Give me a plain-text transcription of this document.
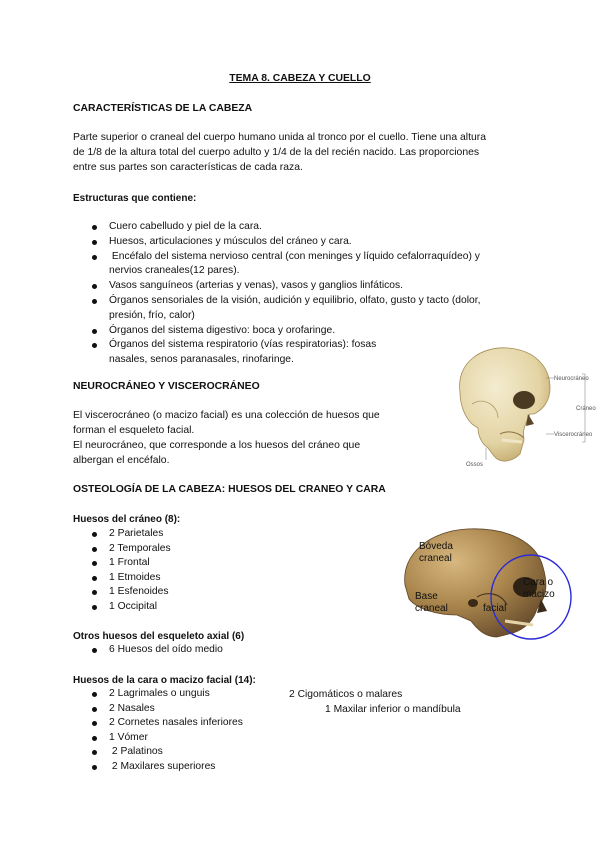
TEMA 8. CABEZA Y CUELLO
CARACTERÍSTICAS DE LA CABEZA
Parte superior o craneal del cuerpo humano unida al tronco por el cuello. Tiene una altura
de 1/8 de la altura total del cuerpo adulto y 1/4 de la del recién nacido. Las proporciones
entre sus partes son características de cada raza.
Estructuras que contiene:
Cuero cabelludo y piel de la cara.
Huesos, articulaciones y músculos del cráneo y cara.
Encéfalo del sistema nervioso central (con meninges y líquido cefalorraquídeo) y
nervios craneales(12 pares).
Vasos sanguíneos (arterias y venas), vasos y ganglios linfáticos.
Órganos sensoriales de la visión, audición y equilibrio, olfato, gusto y tacto (dolor,
presión, frío, calor)
Órganos del sistema digestivo: boca y orofaringe.
Órganos del sistema respiratorio (vías respiratorias): fosas
nasales, senos paranasales, rinofaringe.
NEUROCRÁNEO Y VISCEROCRÁNEO
El viscerocráneo (o macizo facial) es una colección de huesos que
forman el esqueleto facial.
El neurocráneo, que corresponde a los huesos del cráneo que
albergan el encéfalo.
Neurocráneo
Viscerocráneo
Cráneo
Ossos
OSTEOLOGÍA DE LA CABEZA: HUESOS DEL CRANEO Y CARA
Huesos del cráneo (8):
2 Parietales
2 Temporales
1 Frontal
1 Etmoides
1 Esfenoides
1 Occipital
Bóveda
craneal
Base
craneal
Cara o
macizo
facial
Otros huesos del esqueleto axial (6)
6 Huesos del oído medio
Huesos de la cara o macizo facial (14):
2 Lagrimales o unguis
2 Nasales
2 Cornetes nasales inferiores
1 Vómer
2 Palatinos
2 Maxilares superiores
2 Cigomáticos o malares
1 Maxilar inferior o mandíbula
